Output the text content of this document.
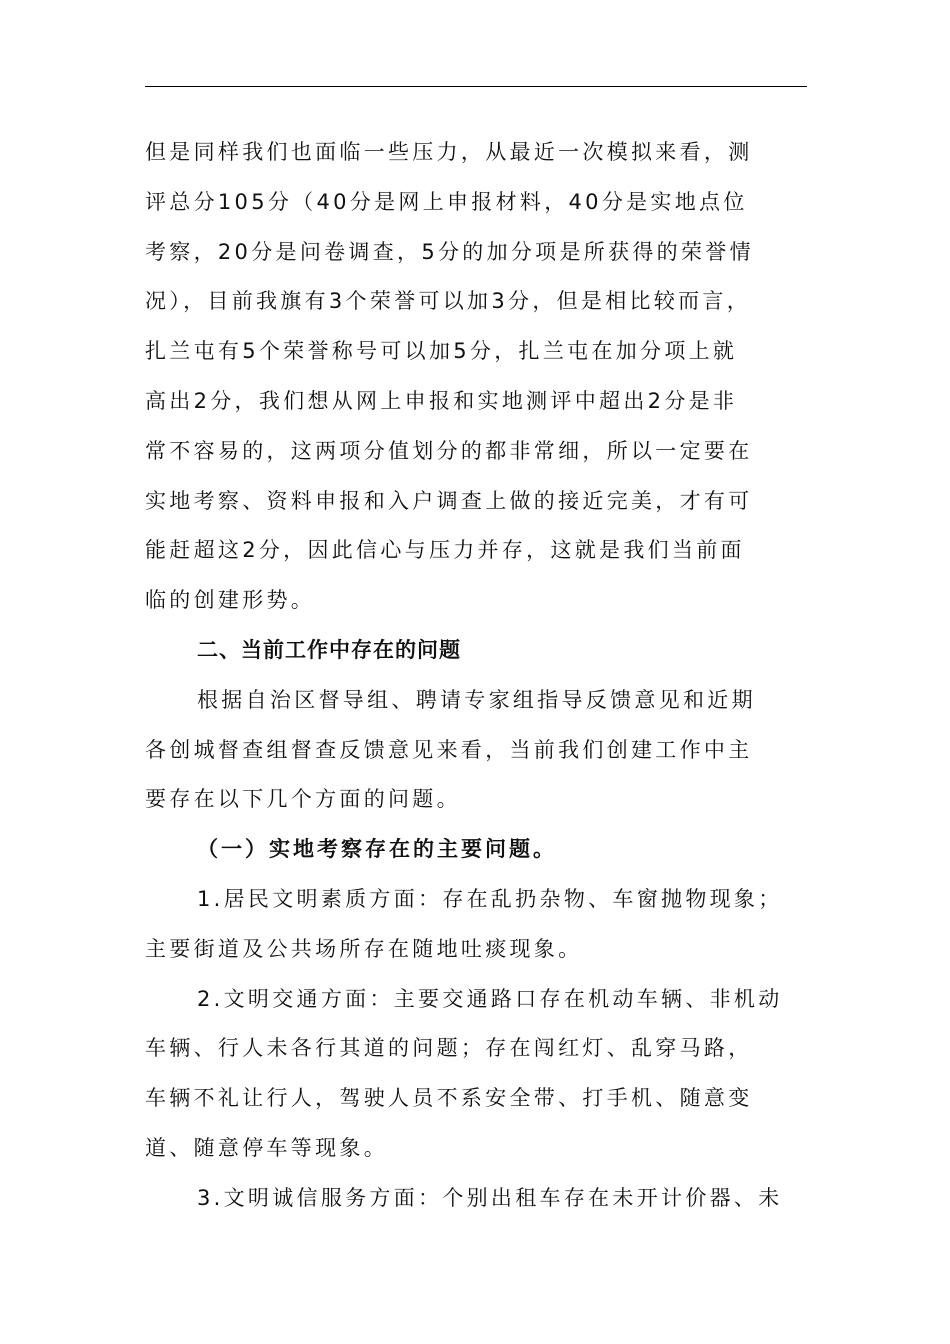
但是同样我们也面临一些压力，从最近一次模拟来看，测
评总分105分（40分是网上申报材料，40分是实地点位
考察，20分是问卷调查，5分的加分项是所获得的荣誉情
况），目前我旗有3个荣誉可以加3分，但是相比较而言，
扎兰屯有5个荣誉称号可以加5分，扎兰屯在加分项上就
高出2分，我们想从网上申报和实地测评中超出2分是非
常不容易的，这两项分值划分的都非常细，所以一定要在
实地考察、资料申报和入户调查上做的接近完美，才有可
能赶超这2分，因此信心与压力并存，这就是我们当前面
临的创建形势。
二、当前工作中存在的问题
根据自治区督导组、聘请专家组指导反馈意见和近期
各创城督查组督查反馈意见来看，当前我们创建工作中主
要存在以下几个方面的问题。
（一）实地考察存在的主要问题。
1.居民文明素质方面：存在乱扔杂物、车窗抛物现象；
主要街道及公共场所存在随地吐痰现象。
2.文明交通方面：主要交通路口存在机动车辆、非机动
车辆、行人未各行其道的问题；存在闯红灯、乱穿马路，
车辆不礼让行人，驾驶人员不系安全带、打手机、随意变
道、随意停车等现象。
3.文明诚信服务方面：个别出租车存在未开计价器、未
